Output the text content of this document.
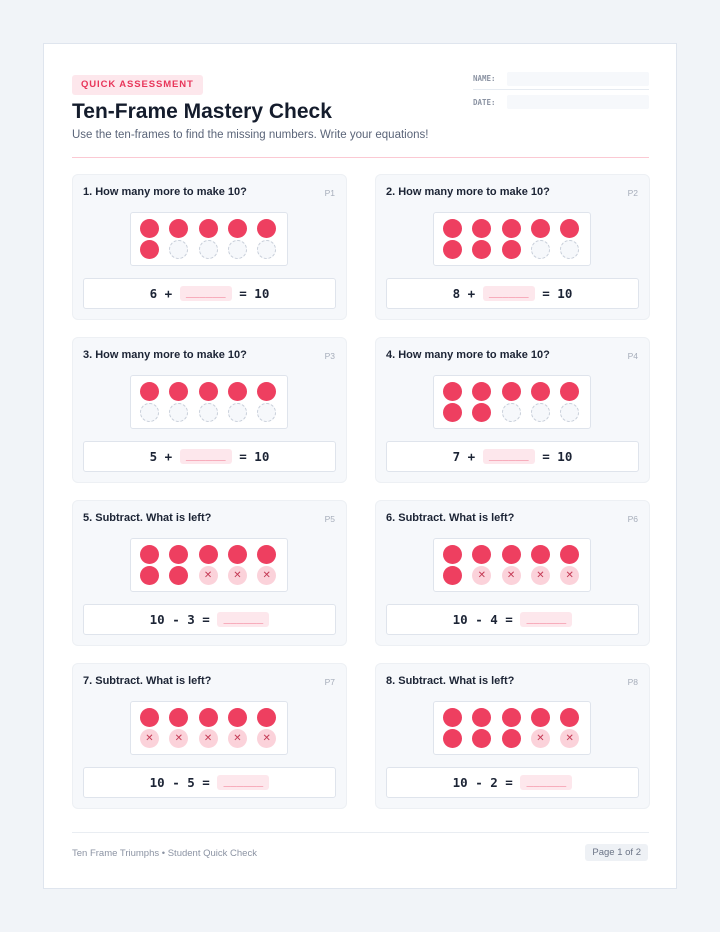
QUICK ASSESSMENT
Ten-Frame Mastery Check

Use the ten-frames to find the missing numbers. Write your equations!

NAME:
DATE:
1. How many more to make 10?	P1
6 + ______ = 10
2. How many more to make 10?	P2
8 + ______ = 10
3. How many more to make 10?	P3
5 + ______ = 10
4. How many more to make 10?	P4
7 + ______ = 10
5. Subtract. What is left?	P5
✕	✕	✕
10 - 3 = ______
6. Subtract. What is left?	P6
✕	✕	✕	✕
10 - 4 = ______
7. Subtract. What is left?	P7
✕	✕	✕	✕	✕
10 - 5 = ______
8. Subtract. What is left?	P8
✕	✕
10 - 2 = ______
Ten Frame Triumphs • Student Quick Check	Page 1 of 2
